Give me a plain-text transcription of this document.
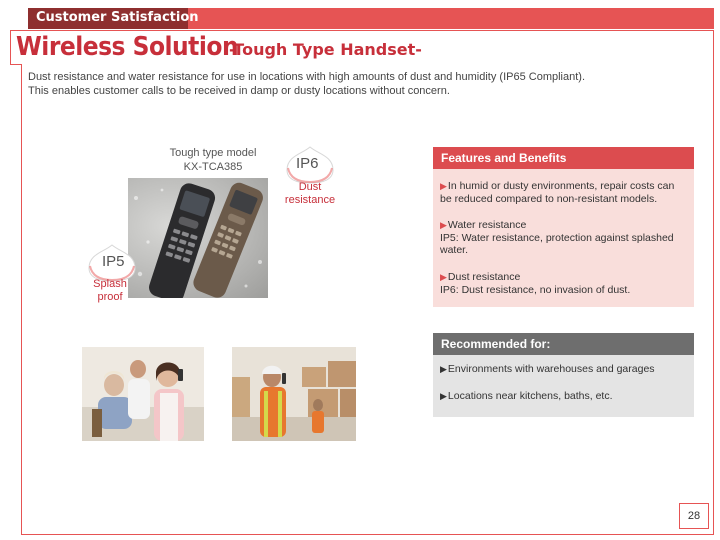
Customer Satisfaction
Wireless Solution
-Tough Type Handset-
Dust resistance and water resistance for use in locations with high amounts of dust and humidity (IP65 Compliant).
This enables customer calls to be received in damp or dusty locations without concern.
Tough type model
KX-TCA385	IP6
Dust
resistance
IP5
Splash
proof
Features and Benefits
▶In humid or dusty environments, repair costs can
be reduced compared to non-resistant models.
▶Water resistance
IP5: Water resistance, protection against splashed
water.
▶Dust resistance
IP6: Dust resistance, no invasion of dust.
Recommended for:
▶Environments with warehouses and garages
▶Locations near kitchens, baths, etc.
28
